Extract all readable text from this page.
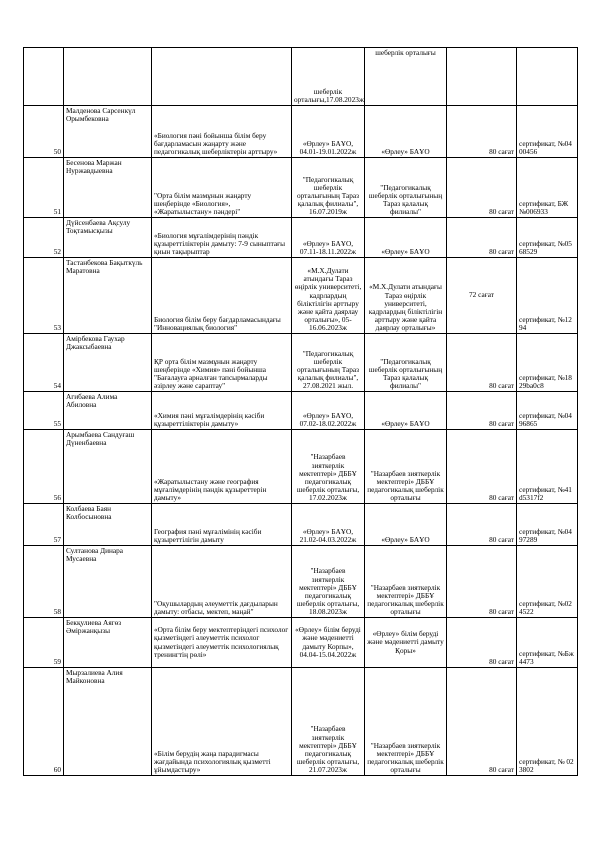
			шеберлік орталығы,17.08.2023ж	шеберлік орталығы		
50	Малденова Сарсенкүл Орымбековна	«Биология пәні бойынша білім беру бағдарламасын жаңарту және педагогикалық шеберліктерін арттыру»	«Өрлеу» БАҰО, 04.01-19.01.2022ж	«Өрлеу» БАҰО	80 сағат	сертификат, №0400456
51	Бесенова Маржан Нуржавдыевна	"Орта білім мазмұнын жаңарту шеңберінде «Биология», «Жаратылыстану» пәндері"	"Педагогикалық шеберлік орталығының Тараз қалалық филиалы", 16.07.2019ж	"Педагогикалық шеберлік орталығының Тараз қалалық филиалы"	80 сағат	сертификат, БЖ№006933
52	Дүйсенбаева Ақсулу Тоқтамысқызы	«Биология мұғалімдерінің пәндік құзыреттіліктерін дамыту: 7-9 сыныптағы қиын тақырыптар	«Өрлеу» БАҰО, 07.11-18.11.2022ж	«Өрлеу» БАҰО	80 сағат	сертификат, №0568529
53	Тастанбекова Бақыткүль Маратовна	Биология білім беру бағдарламасындағы "Инновациялық биология"	«М.Х.Дулати атындағы Тараз өңірлік университеті, кадрлардың біліктілігін арттыру және қайта даярлау орталығы», 05-16.06.2023ж	«М.Х.Дулати атындағы Тараз өңірлік университеті, кадрлардың біліктілігін арттыру және қайта даярлау орталығы»	72 сағат	сертификат, №1294
54	Амірбекова Гаухар Джаксыбаевна	ҚР орта білім мазмұнын жаңарту шеңберінде «Химия» пәні бойынша "Бағалауға арналған тапсырмаларды әзірлеу және сараптау"	"Педагогикалық шеберлік орталығының Тараз қалалық филиалы", 27.08.2021 жыл.	"Педагогикалық шеберлік орталығының Тараз қалалық филиалы"	80 сағат	сертификат, №1829ba0c8
55	Агибаева Алима Абиловна	«Химия пәні мұғалімдерінің кәсіби құзыреттіліктерін дамыту»	«Өрлеу» БАҰО, 07.02-18.02.2022ж	«Өрлеу» БАҰО	80 сағат	сертификат, №0496865
56	Арымбаева Сандуғаш Дүненбаевна	«Жаратылыстану және география мұғалімдерінің пәндік құзыреттерін дамыту»	"Назарбаев зияткерлік мектептері» ДББҰ педагогикалық шеберлік орталығы, 17.02.2023ж	"Назарбаев зияткерлік мектептері» ДББҰ педагогикалық шеберлік орталығы	80 сағат	сертификат, №41d5317f2
57	Колбаева Баян Колбосыновна	География пәні мұғалімінің кәсіби құзыреттілігін дамыту	«Өрлеу» БАҰО, 21.02-04.03.2022ж	«Өрлеу» БАҰО	80 сағат	сертификат, №0497289
58	Султанова Динара Мусаевна	"Оқушылардың әлеуметтік дағдыларын дамыту: отбасы, мектеп, маңай"	"Назарбаев зияткерлік мектептері» ДББҰ педагогикалық шеберлік орталығы, 18.08.2023ж	"Назарбаев зияткерлік мектептері» ДББҰ педагогикалық шеберлік орталығы	80 сағат	сертификат, №024522
59	Бекқулиева Аягөз Әміржанқызы	«Орта білім беру мектептеріндегі психолог қызметіндегі әлеуметтік психолог қызметіндегі әлеуметтік психологиялық тренингтің рөлі»	«Өрлеу» білім беруді және мәдениетті дамыту Корпы», 04.04-15.04.2022ж	«Өрлеу» білім беруді және мәдениетті дамыту Қоры»	80 сағат	сертификат, №Бж4473
60	Мырзалиева Алия Майконовна	«Білім берудің жаңа парадигмасы жағдайында психологиялық қызметті ұйымдастыру»	"Назарбаев зияткерлік мектептері» ДББҰ педагогикалық шеберлік орталығы, 21.07.2023ж	"Назарбаев зияткерлік мектептері» ДББҰ педагогикалық шеберлік орталығы	80 сағат	сертификат, № 023802
